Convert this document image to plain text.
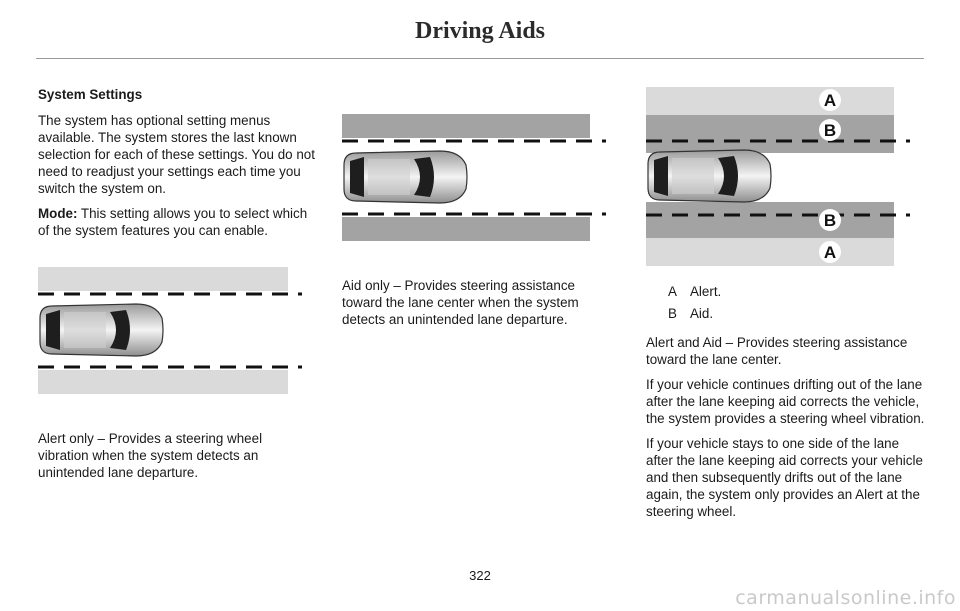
Driving Aids

System Settings

The system has optional setting menus available. The system stores the last known selection for each of these settings. You do not need to readjust your settings each time you switch the system on.

Mode: This setting allows you to select which of the system features you can enable.

Alert only – Provides a steering wheel vibration when the system detects an unintended lane departure.

Aid only – Provides steering assistance toward the lane center when the system detects an unintended lane departure.

A
B
B
A
A Alert.
B Aid.

Alert and Aid – Provides steering assistance toward the lane center.

If your vehicle continues drifting out of the lane after the lane keeping aid corrects the vehicle, the system provides a steering wheel vibration.

If your vehicle stays to one side of the lane after the lane keeping aid corrects your vehicle and then subsequently drifts out of the lane again, the system only provides an Alert at the steering wheel.

322
carmanualsonline.info
